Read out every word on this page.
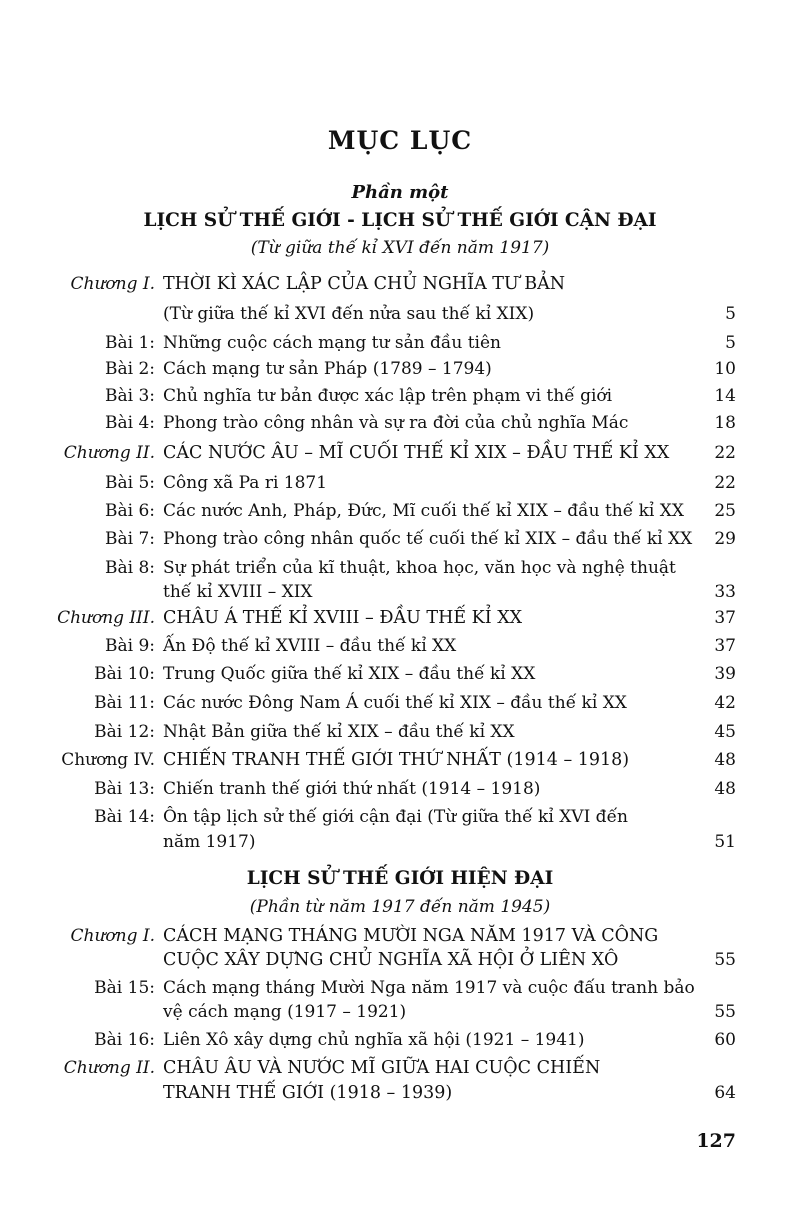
MỤC LỤC
Phần một
LỊCH SỬ THẾ GIỚI - LỊCH SỬ THẾ GIỚI CẬN ĐẠI
(Từ giữa thế kỉ XVI đến năm 1917)
Chương I. THỜI KÌ XÁC LẬP CỦA CHỦ NGHĨA TƯ BẢN
(Từ giữa thế kỉ XVI đến nửa sau thế kỉ XIX)	5
Bài 1: Những cuộc cách mạng tư sản đầu tiên	5
Bài 2: Cách mạng tư sản Pháp (1789 – 1794)	10
Bài 3: Chủ nghĩa tư bản được xác lập trên phạm vi thế giới	14
Bài 4: Phong trào công nhân và sự ra đời của chủ nghĩa Mác	18
Chương II. CÁC NƯỚC ÂU – MĨ CUỐI THẾ KỈ XIX – ĐẦU THẾ KỈ XX	22
Bài 5: Công xã Pa ri 1871	22
Bài 6: Các nước Anh, Pháp, Đức, Mĩ cuối thế kỉ XIX – đầu thế kỉ XX	25
Bài 7: Phong trào công nhân quốc tế cuối thế kỉ XIX – đầu thế kỉ XX	29
Bài 8: Sự phát triển của kĩ thuật, khoa học, văn học và nghệ thuật
thế kỉ XVIII – XIX	33
Chương III. CHÂU Á THẾ KỈ XVIII – ĐẦU THẾ KỈ XX	37
Bài 9: Ấn Độ thế kỉ XVIII – đầu thế kỉ XX	37
Bài 10: Trung Quốc giữa thế kỉ XIX – đầu thế kỉ XX	39
Bài 11: Các nước Đông Nam Á cuối thế kỉ XIX – đầu thế kỉ XX	42
Bài 12: Nhật Bản giữa thế kỉ XIX – đầu thế kỉ XX	45
Chương IV. CHIẾN TRANH THẾ GIỚI THỨ NHẤT (1914 – 1918)	48
Bài 13: Chiến tranh thế giới thứ nhất (1914 – 1918)	48
Bài 14: Ôn tập lịch sử thế giới cận đại (Từ giữa thế kỉ XVI đến
năm 1917)	51
LỊCH SỬ THẾ GIỚI HIỆN ĐẠI
(Phần từ năm 1917 đến năm 1945)
Chương I. CÁCH MẠNG THÁNG MƯỜI NGA NĂM 1917 VÀ CÔNG
CUỘC XÂY DỰNG CHỦ NGHĨA XÃ HỘI Ở LIÊN XÔ	55
Bài 15: Cách mạng tháng Mười Nga năm 1917 và cuộc đấu tranh bảo
vệ cách mạng (1917 – 1921)	55
Bài 16: Liên Xô xây dựng chủ nghĩa xã hội (1921 – 1941)	60
Chương II. CHÂU ÂU VÀ NƯỚC MĨ GIỮA HAI CUỘC CHIẾN
TRANH THẾ GIỚI (1918 – 1939)	64
127
